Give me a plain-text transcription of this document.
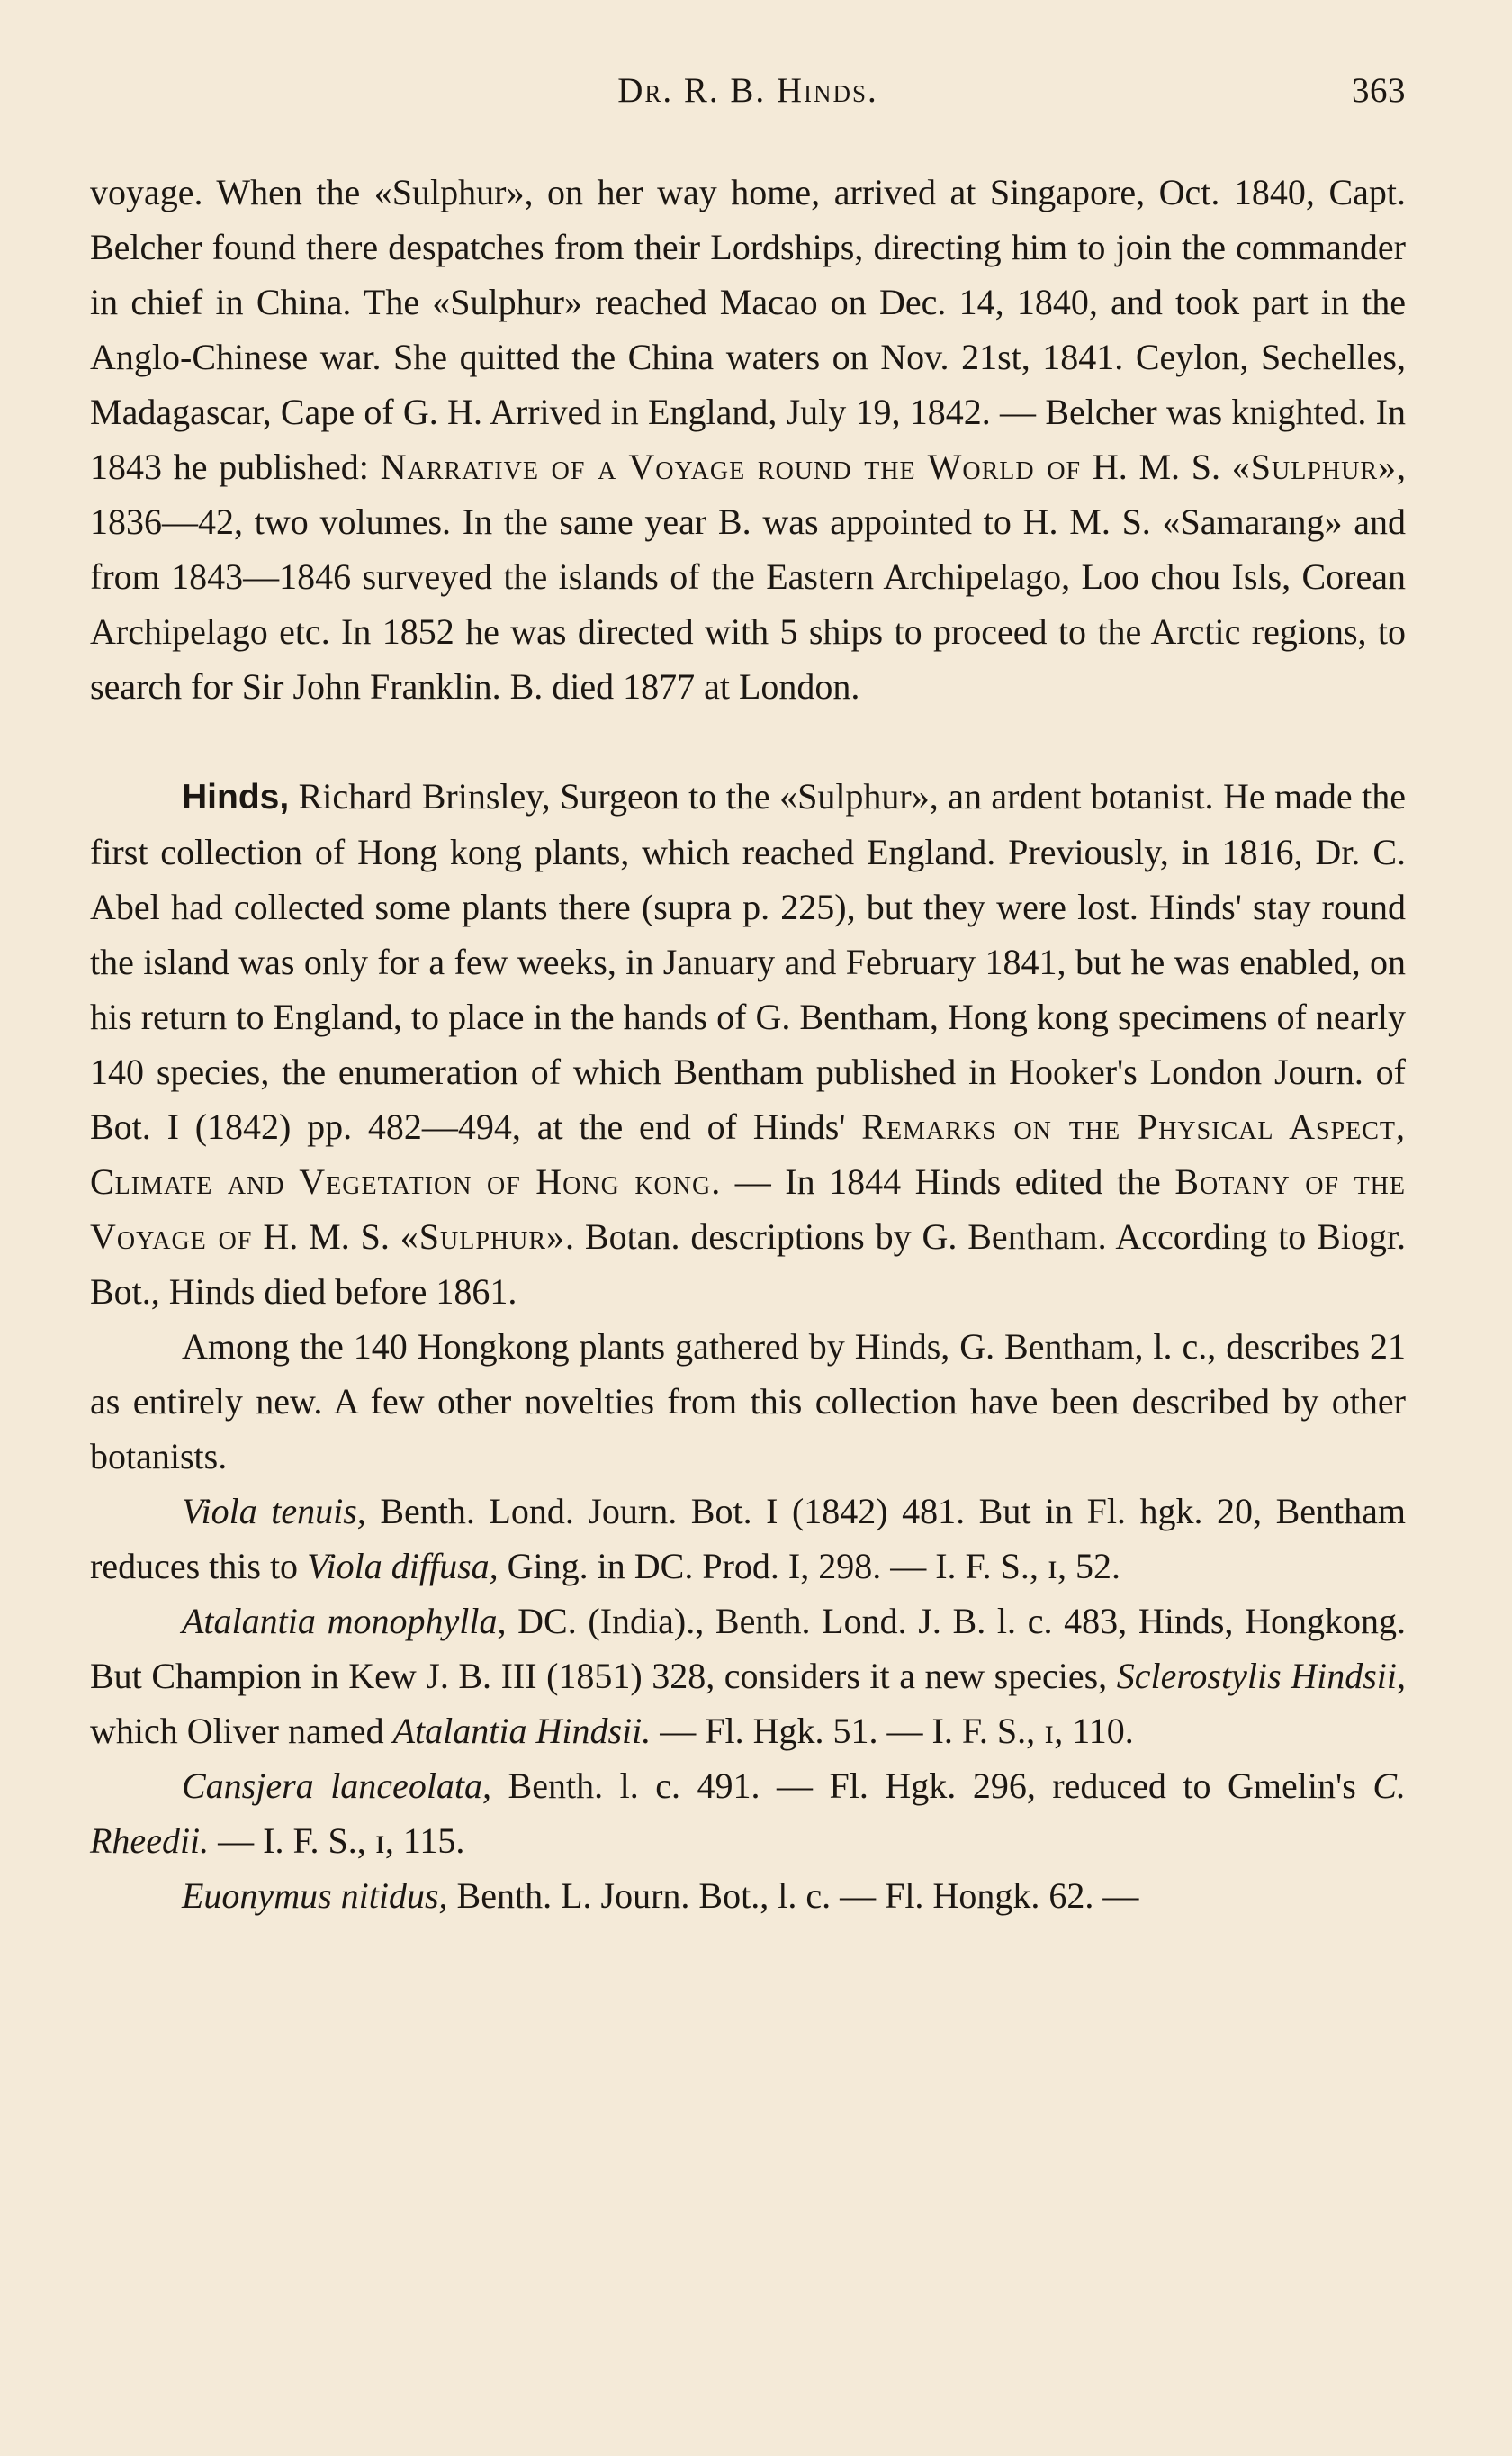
Dr. R. B. Hinds.	363

voyage. When the «Sulphur», on her way home, arrived at Singapore, Oct. 1840, Capt. Belcher found there despatches from their Lordships, directing him to join the commander in chief in China. The «Sulphur» reached Macao on Dec. 14, 1840, and took part in the Anglo-Chinese war. She quitted the China waters on Nov. 21st, 1841. Ceylon, Sechelles, Madagascar, Cape of G. H. Arrived in England, July 19, 1842. — Belcher was knighted. In 1843 he published: Narrative of a Voyage round the World of H. M. S. «Sulphur», 1836—42, two volumes. In the same year B. was appointed to H. M. S. «Samarang» and from 1843—1846 surveyed the islands of the Eastern Archipelago, Loo chou Isls, Corean Archipelago etc. In 1852 he was directed with 5 ships to proceed to the Arctic regions, to search for Sir John Franklin. B. died 1877 at London.

Hinds, Richard Brinsley, Surgeon to the «Sulphur», an ardent botanist. He made the first collection of Hong kong plants, which reached England. Previously, in 1816, Dr. C. Abel had collected some plants there (supra p. 225), but they were lost. Hinds' stay round the island was only for a few weeks, in January and February 1841, but he was enabled, on his return to England, to place in the hands of G. Bentham, Hong kong specimens of nearly 140 species, the enumeration of which Bentham published in Hooker's London Journ. of Bot. I (1842) pp. 482—494, at the end of Hinds' Remarks on the Physical Aspect, Climate and Vegetation of Hong kong. — In 1844 Hinds edited the Botany of the Voyage of H. M. S. «Sulphur». Botan. descriptions by G. Bentham. According to Biogr. Bot., Hinds died before 1861.

Among the 140 Hongkong plants gathered by Hinds, G. Bentham, l. c., describes 21 as entirely new. A few other novelties from this collection have been described by other botanists.

Viola tenuis, Benth. Lond. Journ. Bot. I (1842) 481. But in Fl. hgk. 20, Bentham reduces this to Viola diffusa, Ging. in DC. Prod. I, 298. — I. F. S., ɪ, 52.

Atalantia monophylla, DC. (India)., Benth. Lond. J. B. l. c. 483, Hinds, Hongkong. But Champion in Kew J. B. III (1851) 328, considers it a new species, Sclerostylis Hindsii, which Oliver named Atalantia Hindsii. — Fl. Hgk. 51. — I. F. S., ɪ, 110.

Cansjera lanceolata, Benth. l. c. 491. — Fl. Hgk. 296, reduced to Gmelin's C. Rheedii. — I. F. S., ɪ, 115.

Euonymus nitidus, Benth. L. Journ. Bot., l. c. — Fl. Hongk. 62. —
